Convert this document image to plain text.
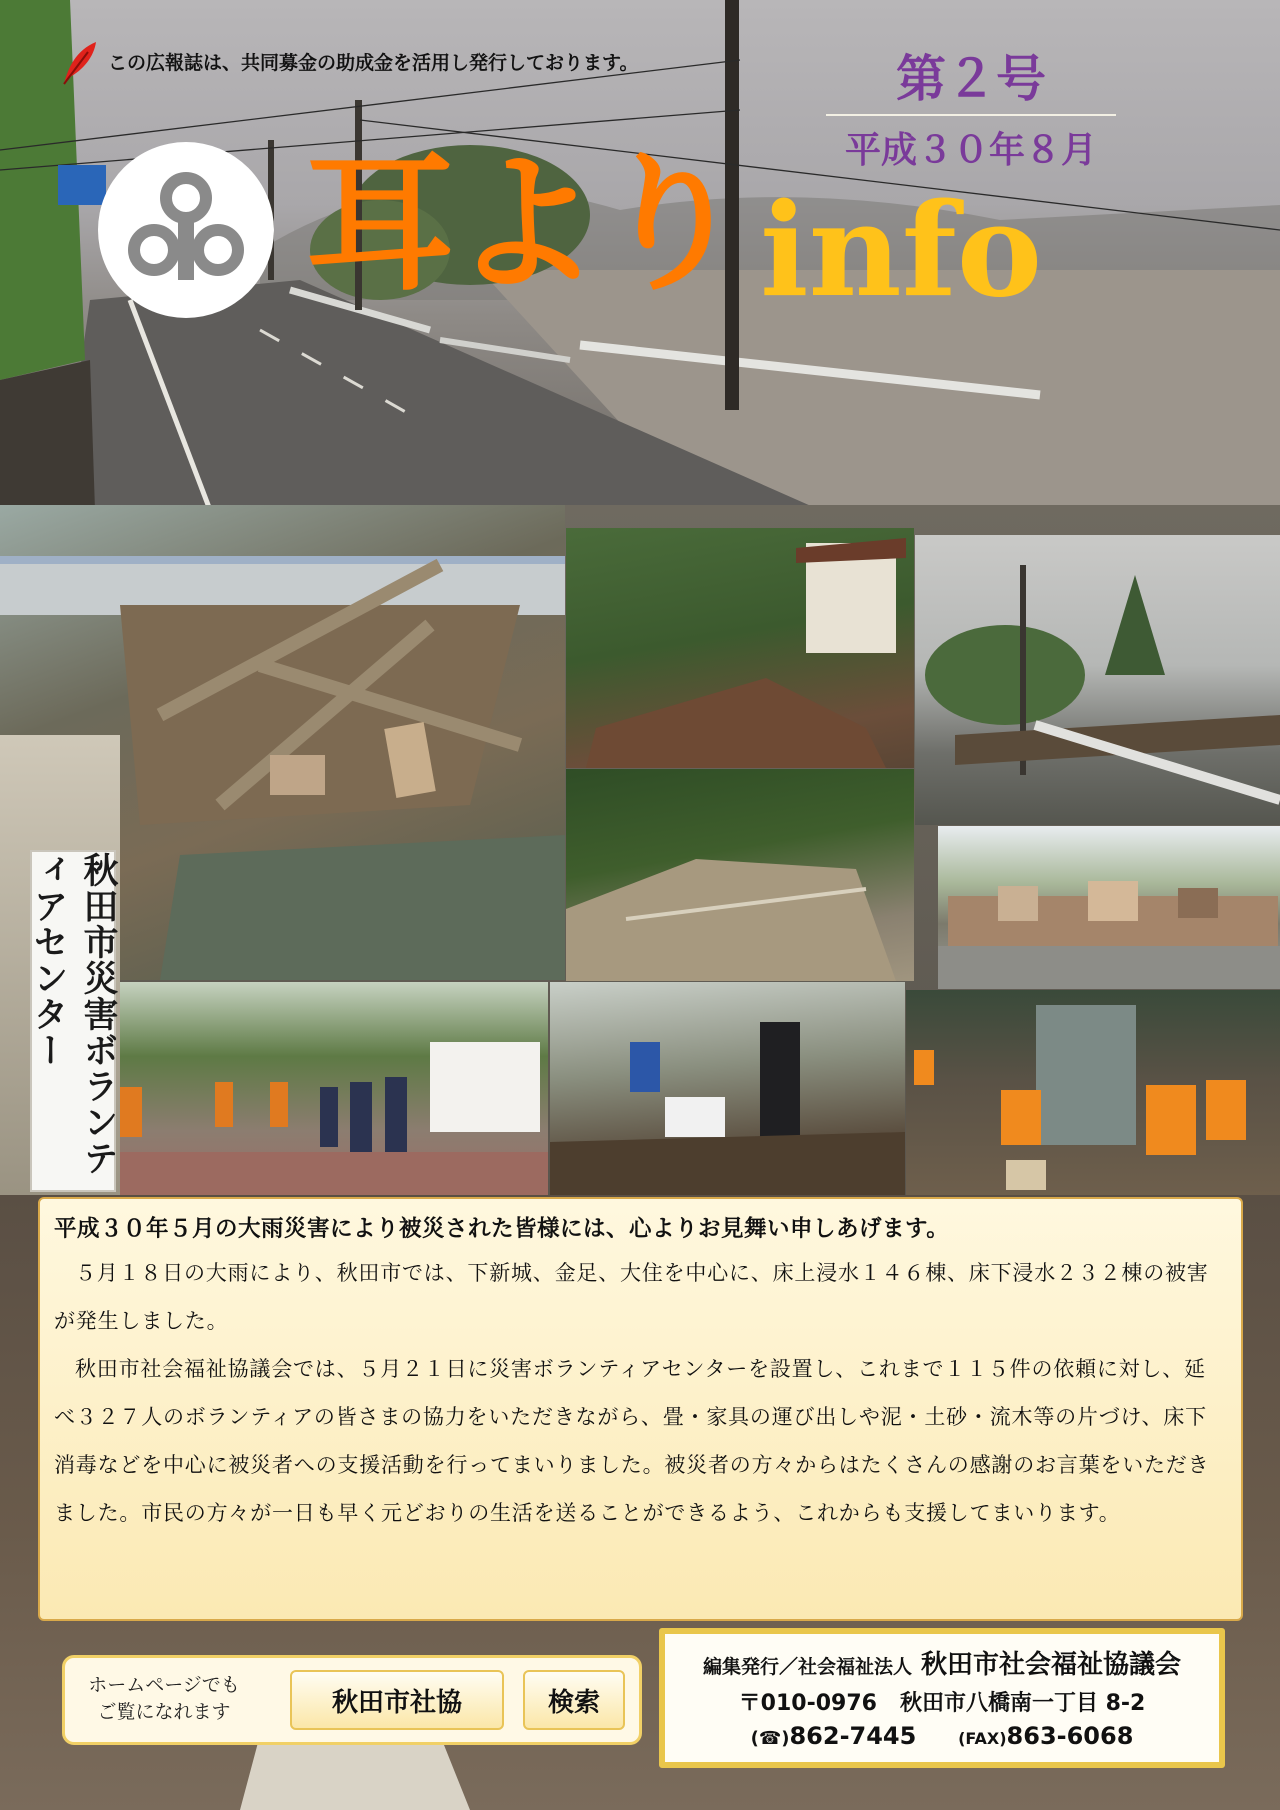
この広報誌は、共同募金の助成金を活用し発行しております。	第２号
平成３０年８月
耳より info
秋田市災害ボランティアセンター
平成３０年５月の大雨災害により被災された皆様には、心よりお見舞い申しあげます。

５月１８日の大雨により、秋田市では、下新城、金足、大住を中心に、床上浸水１４６棟、床下浸水２３２棟の被害が発生しました。

秋田市社会福祉協議会では、５月２１日に災害ボランティアセンターを設置し、これまで１１５件の依頼に対し、延べ３２７人のボランティアの皆さまの協力をいただきながら、畳・家具の運び出しや泥・土砂・流木等の片づけ、床下消毒などを中心に被災者への支援活動を行ってまいりました。被災者の方々からはたくさんの感謝のお言葉をいただきました。市民の方々が一日も早く元どおりの生活を送ることができるよう、これからも支援してまいります。

ホームページでも
ご覧になれます	秋田市社協	検索
編集発行／社会福祉法人 秋田市社会福祉協議会
〒010-0976 秋田市八橋南一丁目 8-2
(☎)862-7445	(FAX)863-6068
